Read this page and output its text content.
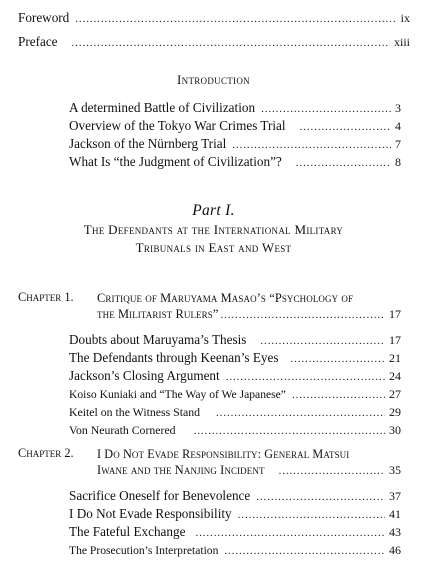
Foreword .....	ix
Preface .....	xiii
Introduction
A determined Battle of Civilization .....	3
Overview of the Tokyo War Crimes Trial .....	4
Jackson of the Nürnberg Trial .....	7
What Is “the Judgment of Civilization”? .....	8
Part I.
The Defendants at the International Military
Tribunals in East and West
Chapter 1. Critique of Maruyama Masao’s “Psychology of
the Militarist Rulers” .....	17
Doubts about Maruyama’s Thesis .....	17
The Defendants through Keenan’s Eyes .....	21
Jackson’s Closing Argument .....	24
Koiso Kuniaki and “The Way of We Japanese” .....	27
Keitel on the Witness Stand .....	29
Von Neurath Cornered .....	30
Chapter 2. I Do Not Evade Responsibility: General Matsui
Iwane and the Nanjing Incident .....	35
Sacrifice Oneself for Benevolence .....	37
I Do Not Evade Responsibility .....	41
The Fateful Exchange .....	43
The Prosecution’s Interpretation .....	46
